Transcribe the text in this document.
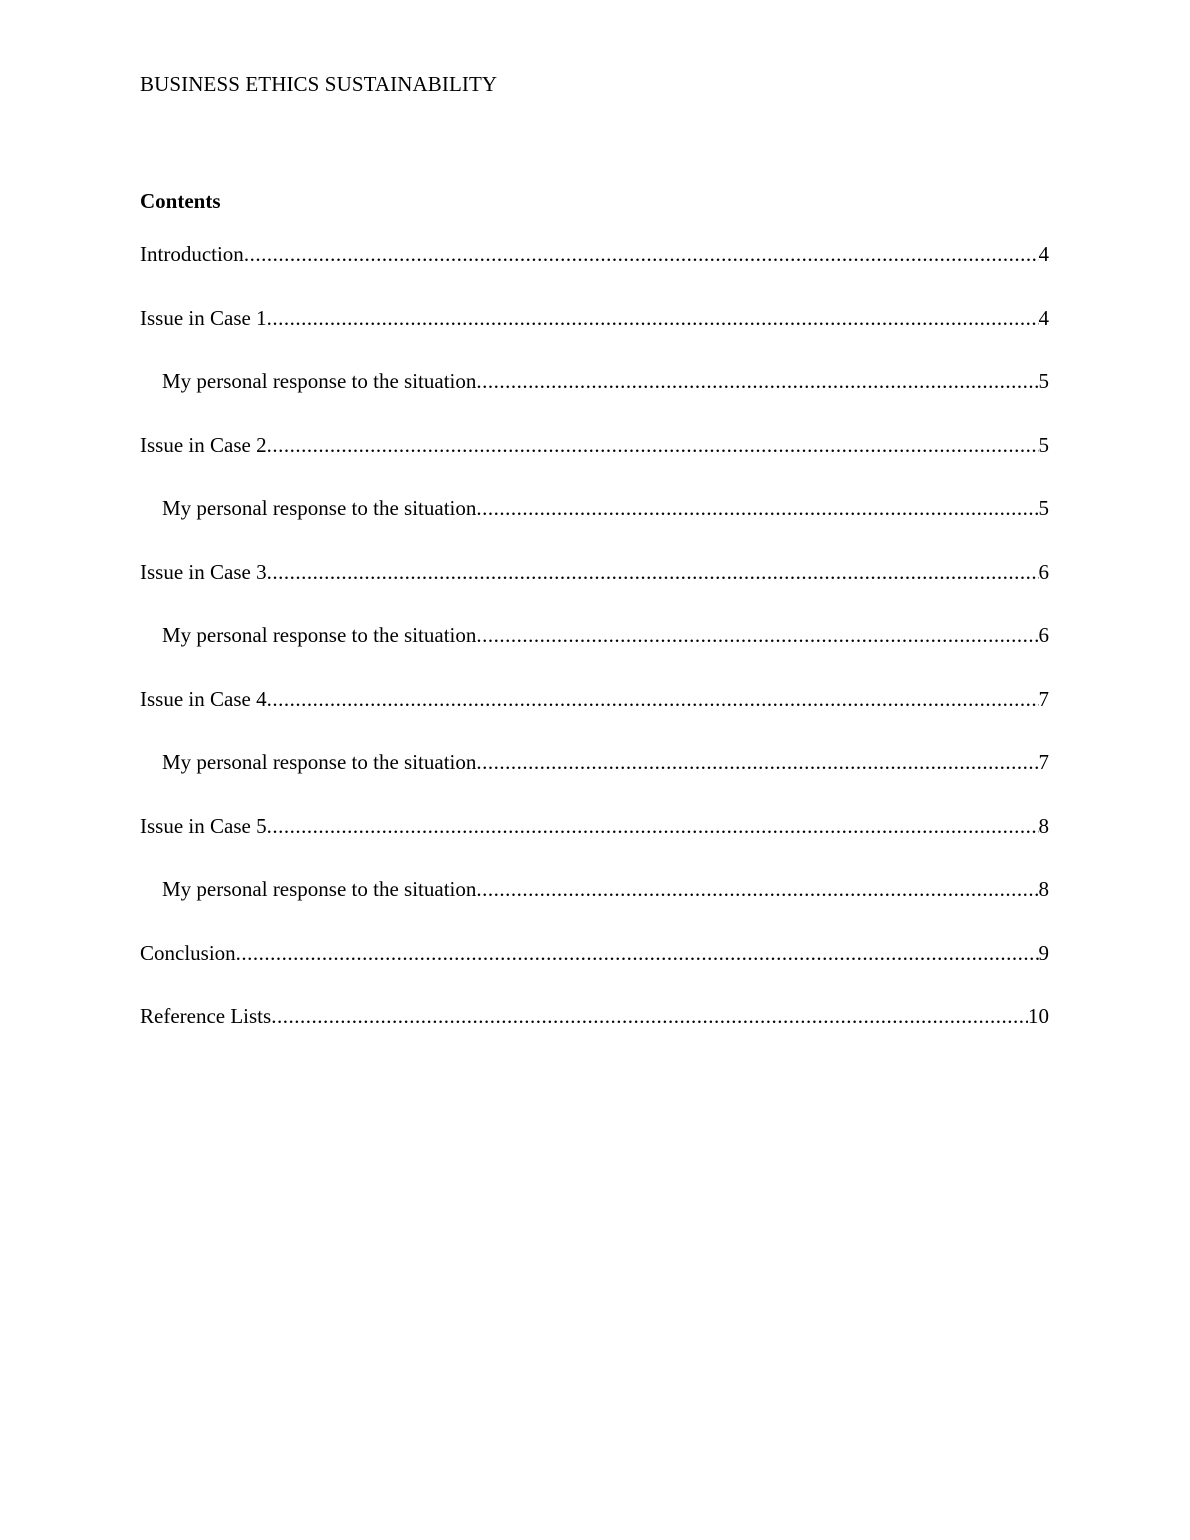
BUSINESS ETHICS SUSTAINABILITY
Contents
Introduction .....	4
Issue in Case 1 .....	4
My personal response to the situation .....	5
Issue in Case 2 .....	5
My personal response to the situation .....	5
Issue in Case 3 .....	6
My personal response to the situation .....	6
Issue in Case 4 .....	7
My personal response to the situation .....	7
Issue in Case 5 .....	8
My personal response to the situation .....	8
Conclusion .....	9
Reference Lists .....	10
